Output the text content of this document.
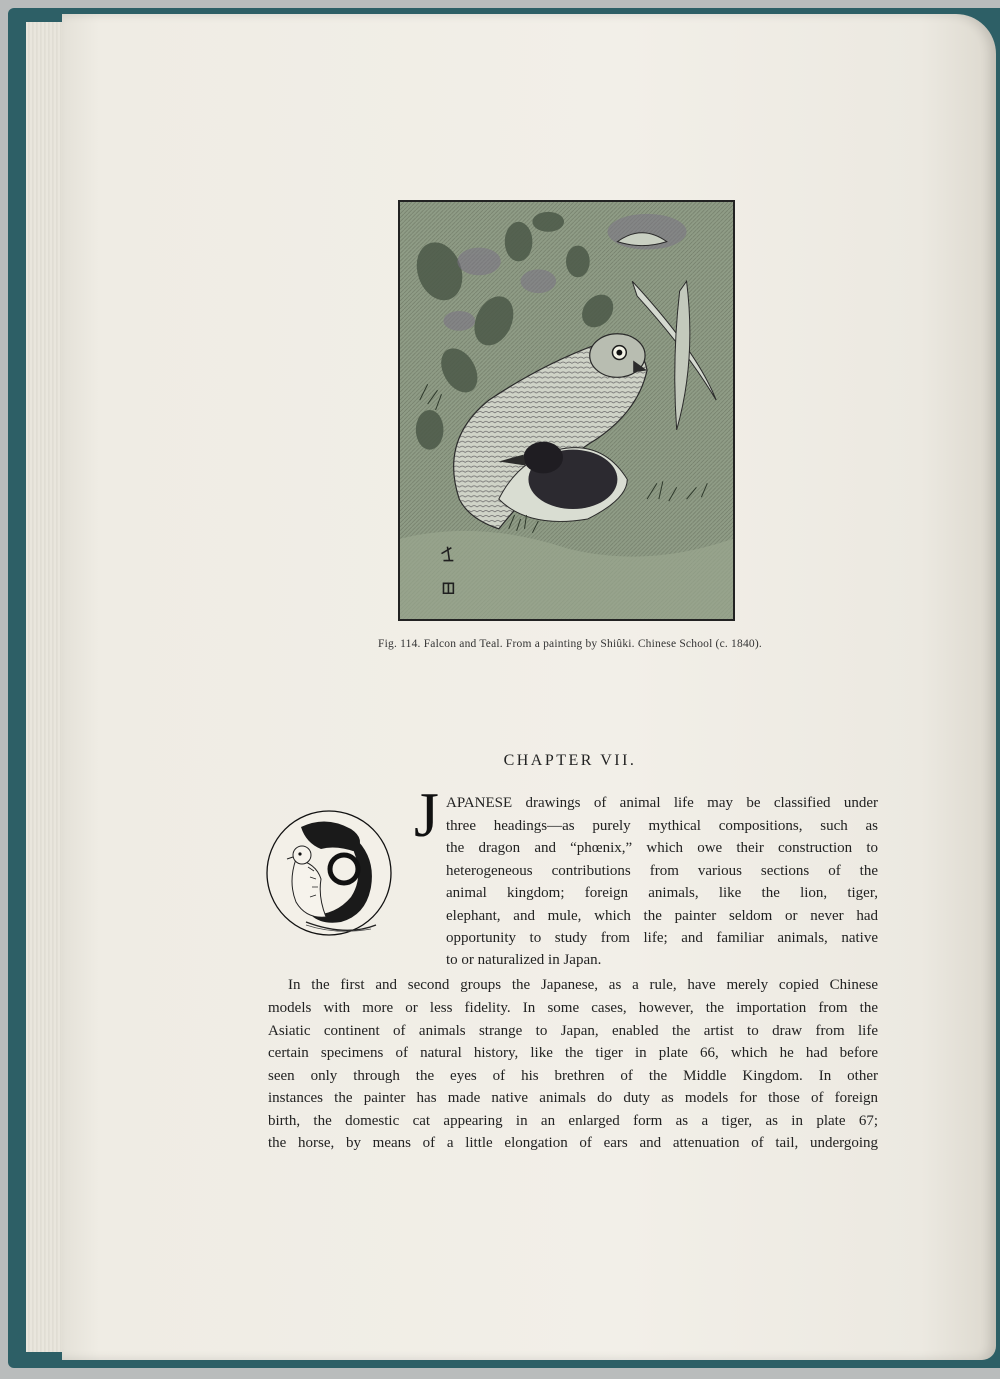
Fig. 114. Falcon and Teal. From a painting by Shiûki. Chinese School (c. 1840).
CHAPTER VII.
J APANESE drawings of animal life may be classified under
three headings—as purely mythical compositions, such as
the dragon and “phœnix,” which owe their construction to
heterogeneous contributions from various sections of the
animal kingdom; foreign animals, like the lion, tiger,
elephant, and mule, which the painter seldom or never had
opportunity to study from life; and familiar animals, native
to or naturalized in Japan.
In the first and second groups the Japanese, as a rule, have merely copied Chinese
models with more or less fidelity. In some cases, however, the importation from the
Asiatic continent of animals strange to Japan, enabled the artist to draw from life
certain specimens of natural history, like the tiger in plate 66, which he had before
seen only through the eyes of his brethren of the Middle Kingdom. In other
instances the painter has made native animals do duty as models for those of foreign
birth, the domestic cat appearing in an enlarged form as a tiger, as in plate 67;
the horse, by means of a little elongation of ears and attenuation of tail, undergoing
